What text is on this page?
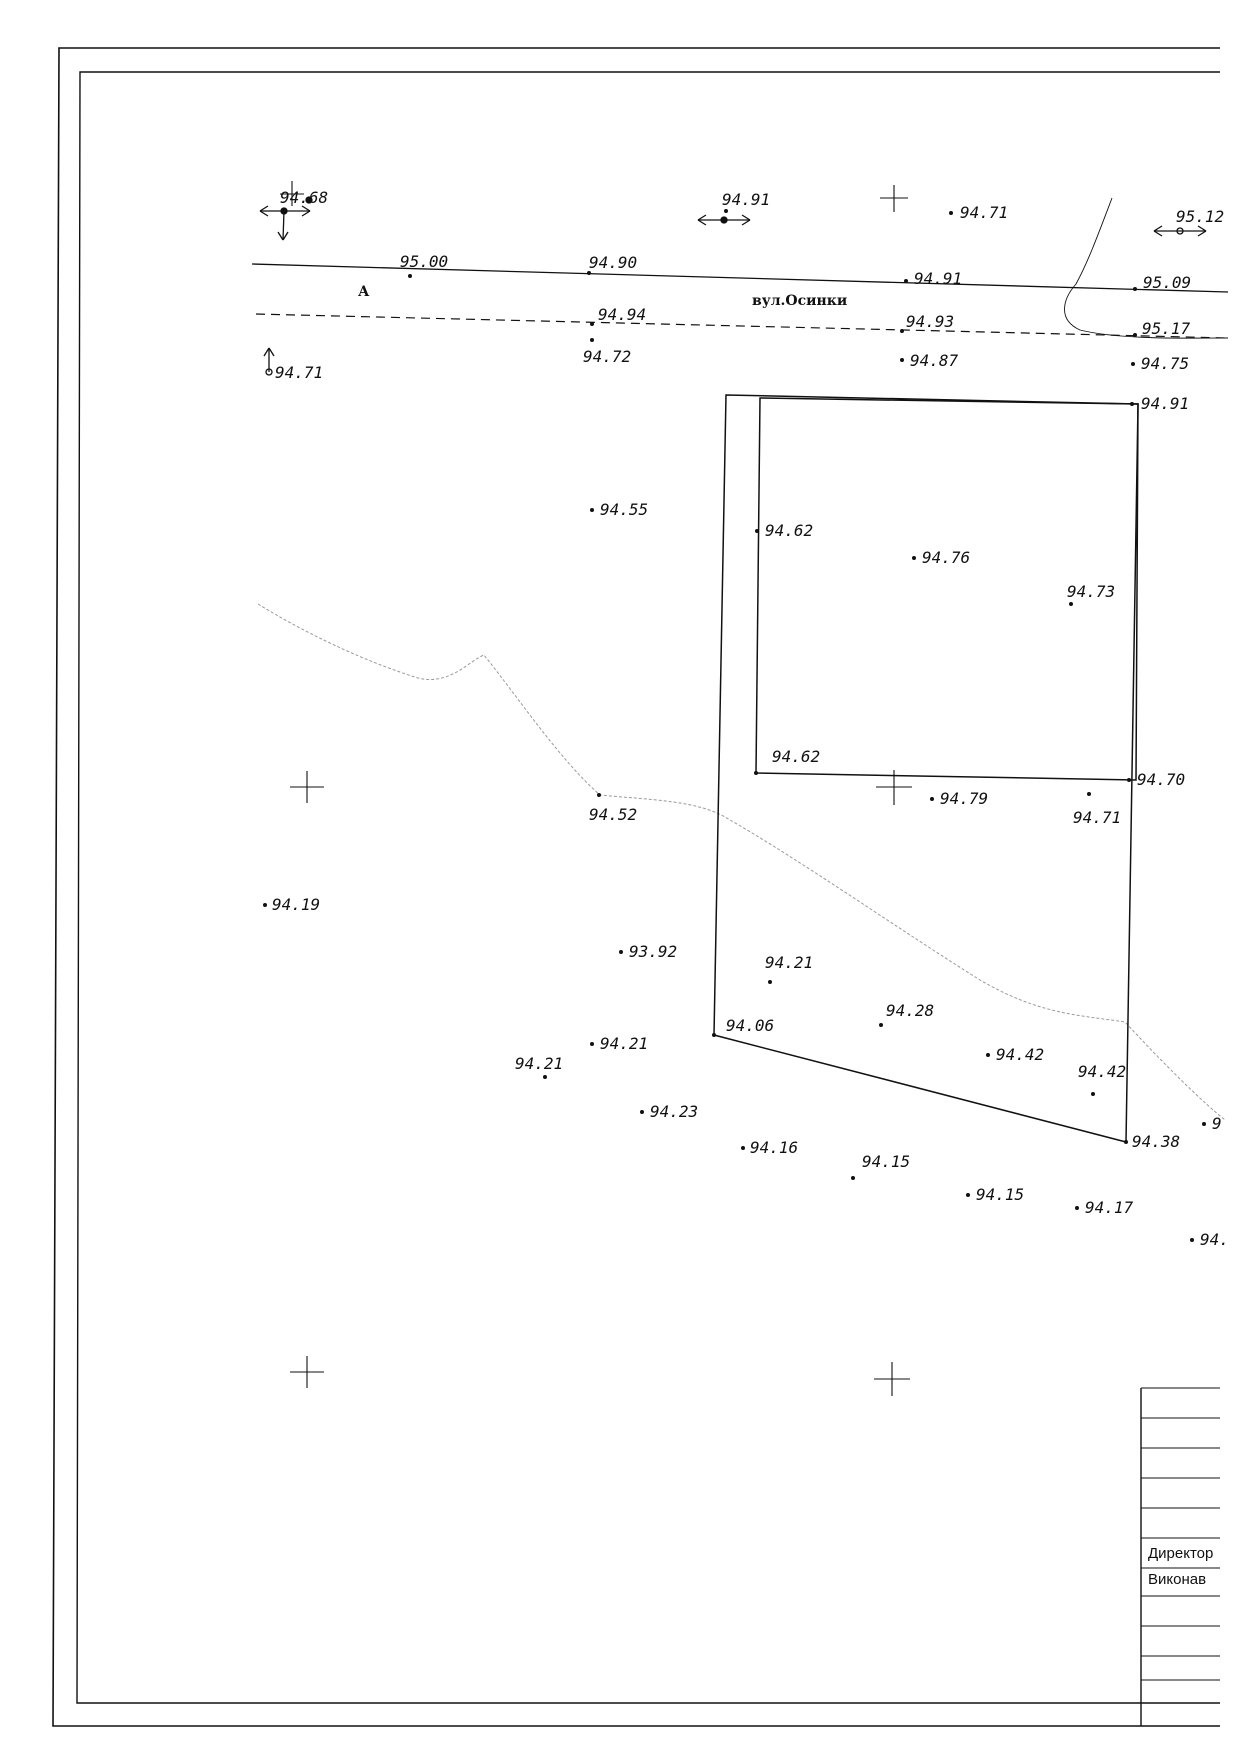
Директор
Виконав
вул.Осинки
А
94.68	94.91
94.71	95.12
95.00	94.90
94.91	95.09
94.94	94.93	95.17
94.71
94.72	94.87	94.75
94.91
94.55
94.62
94.76
94.73
94.62
94.70
94.52
94.79
94.71
94.19
93.92
94.21
94.28
94.06
94.21
94.42
94.42
94.21
94.23
94.38
94.16
94.15
94.15
94.17
9
94.
